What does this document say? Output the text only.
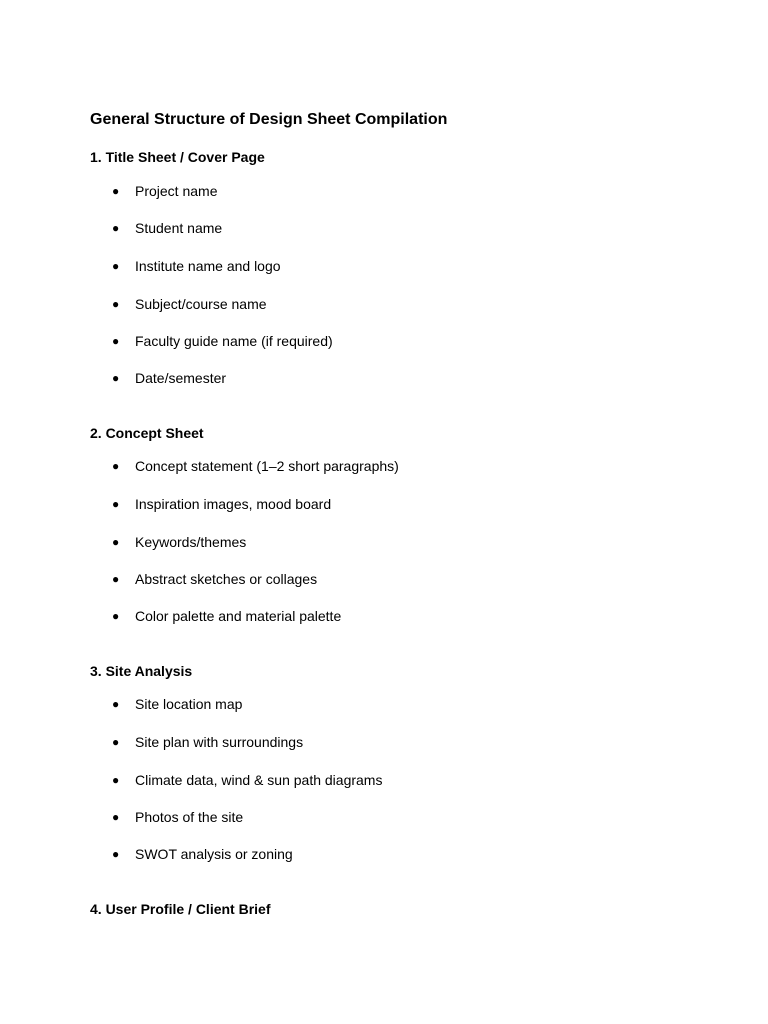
General Structure of Design Sheet Compilation
1. Title Sheet / Cover Page
●	Project name
●	Student name
●	Institute name and logo
●	Subject/course name
●	Faculty guide name (if required)
●	Date/semester
2. Concept Sheet
●	Concept statement (1–2 short paragraphs)
●	Inspiration images, mood board
●	Keywords/themes
●	Abstract sketches or collages
●	Color palette and material palette
3. Site Analysis
●	Site location map
●	Site plan with surroundings
●	Climate data, wind & sun path diagrams
●	Photos of the site
●	SWOT analysis or zoning
4. User Profile / Client Brief
